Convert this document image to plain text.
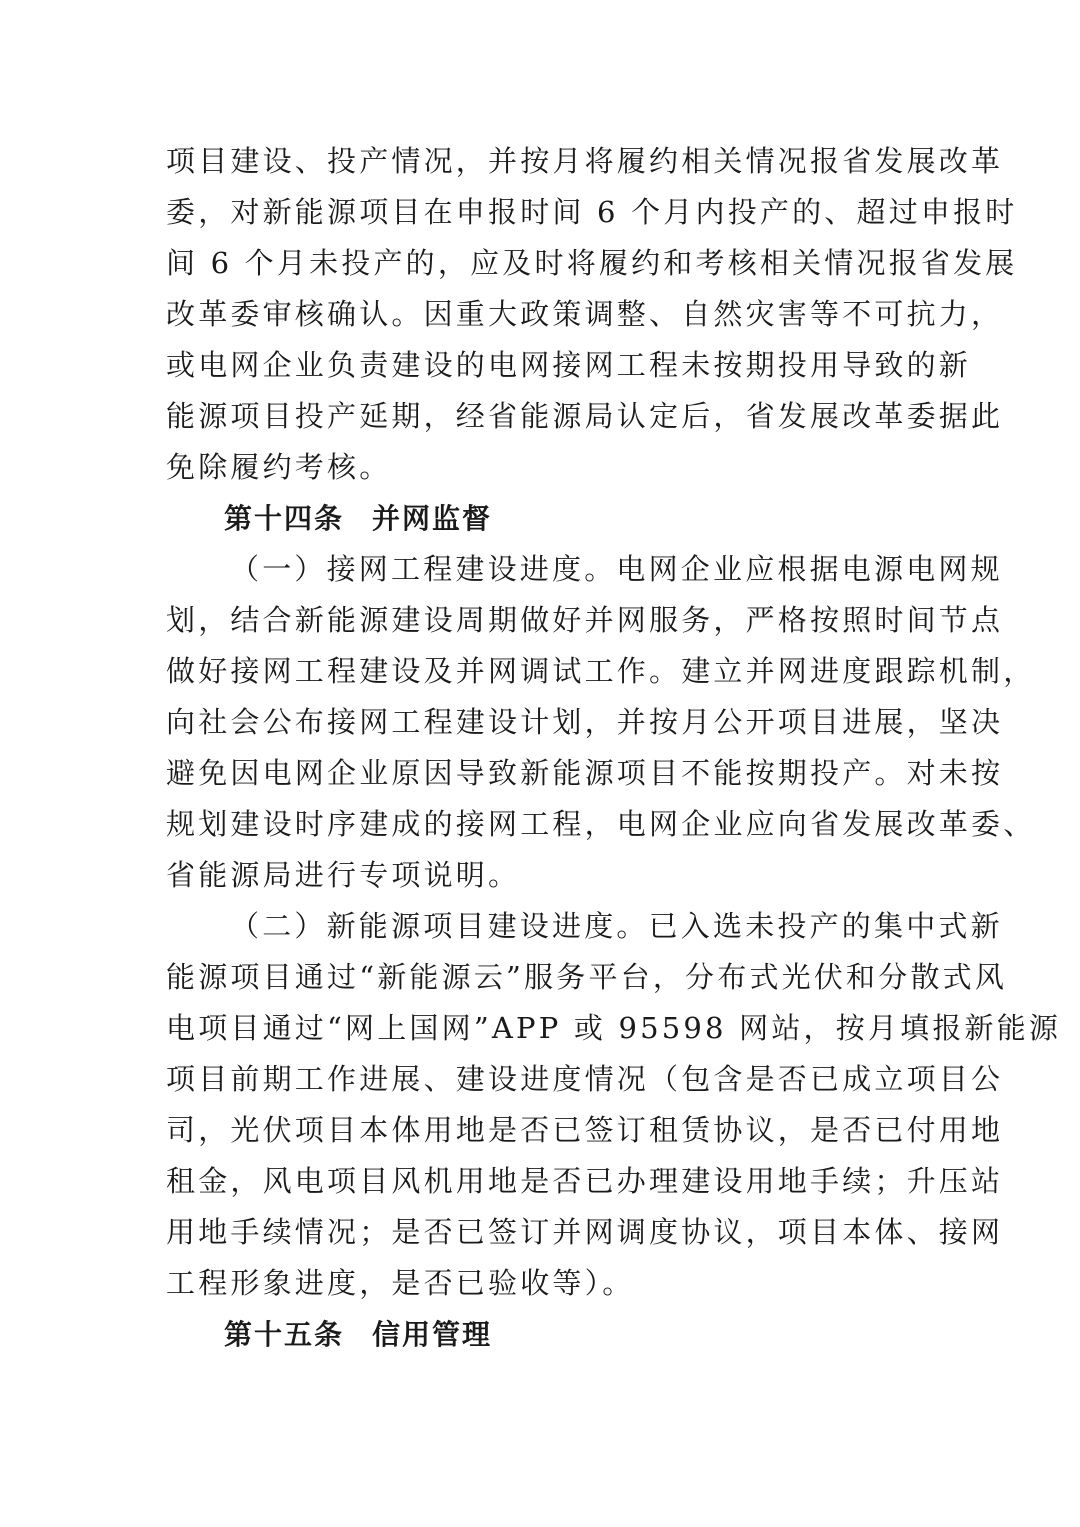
项目建设、投产情况，并按月将履约相关情况报省发展改革
委，对新能源项目在申报时间 6 个月内投产的、超过申报时
间 6 个月未投产的，应及时将履约和考核相关情况报省发展
改革委审核确认。因重大政策调整、自然灾害等不可抗力，
或电网企业负责建设的电网接网工程未按期投用导致的新
能源项目投产延期，经省能源局认定后，省发展改革委据此
免除履约考核。
第十四条 并网监督
（一）接网工程建设进度。电网企业应根据电源电网规
划，结合新能源建设周期做好并网服务，严格按照时间节点
做好接网工程建设及并网调试工作。建立并网进度跟踪机制，
向社会公布接网工程建设计划，并按月公开项目进展，坚决
避免因电网企业原因导致新能源项目不能按期投产。对未按
规划建设时序建成的接网工程，电网企业应向省发展改革委、
省能源局进行专项说明。
（二）新能源项目建设进度。已入选未投产的集中式新
能源项目通过“新能源云”服务平台，分布式光伏和分散式风
电项目通过“网上国网”APP 或 95598 网站，按月填报新能源
项目前期工作进展、建设进度情况（包含是否已成立项目公
司，光伏项目本体用地是否已签订租赁协议，是否已付用地
租金，风电项目风机用地是否已办理建设用地手续；升压站
用地手续情况；是否已签订并网调度协议，项目本体、接网
工程形象进度，是否已验收等）。
第十五条 信用管理
